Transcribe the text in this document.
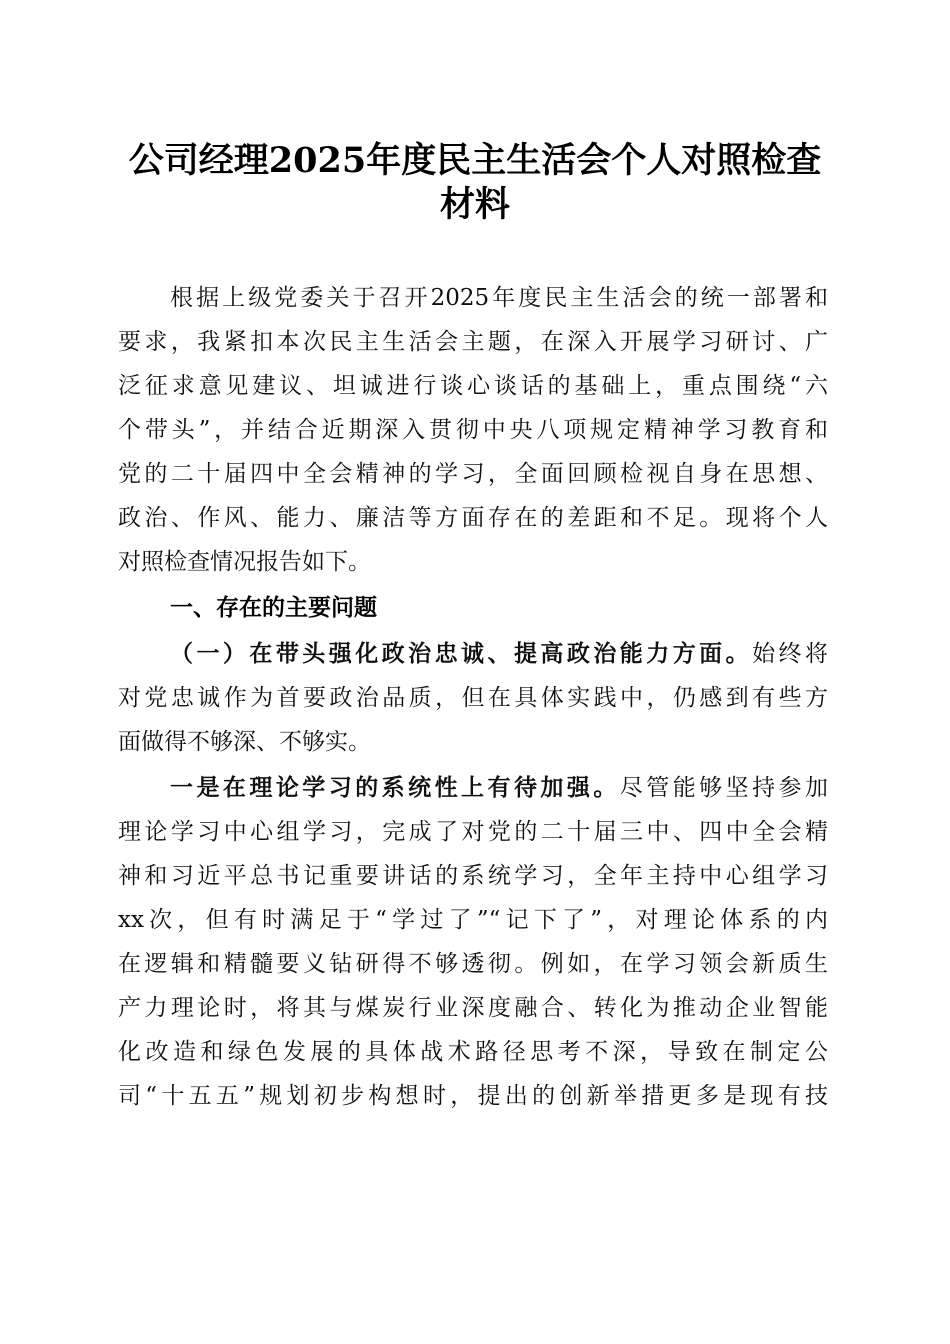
公司经理2025年度民主生活会个人对照检查
材料
根据上级党委关于召开2025年度民主生活会的统一部署和
要求，我紧扣本次民主生活会主题，在深入开展学习研讨、广
泛征求意见建议、坦诚进行谈心谈话的基础上，重点围绕“六
个带头”，并结合近期深入贯彻中央八项规定精神学习教育和
党的二十届四中全会精神的学习，全面回顾检视自身在思想、
政治、作风、能力、廉洁等方面存在的差距和不足。现将个人
对照检查情况报告如下。
一、存在的主要问题
（一）在带头强化政治忠诚、提高政治能力方面。始终将
对党忠诚作为首要政治品质，但在具体实践中，仍感到有些方
面做得不够深、不够实。
一是在理论学习的系统性上有待加强。尽管能够坚持参加
理论学习中心组学习，完成了对党的二十届三中、四中全会精
神和习近平总书记重要讲话的系统学习，全年主持中心组学习
xx次，但有时满足于“学过了”“记下了”，对理论体系的内
在逻辑和精髓要义钻研得不够透彻。例如，在学习领会新质生
产力理论时，将其与煤炭行业深度融合、转化为推动企业智能
化改造和绿色发展的具体战术路径思考不深，导致在制定公
司“十五五”规划初步构想时，提出的创新举措更多是现有技
